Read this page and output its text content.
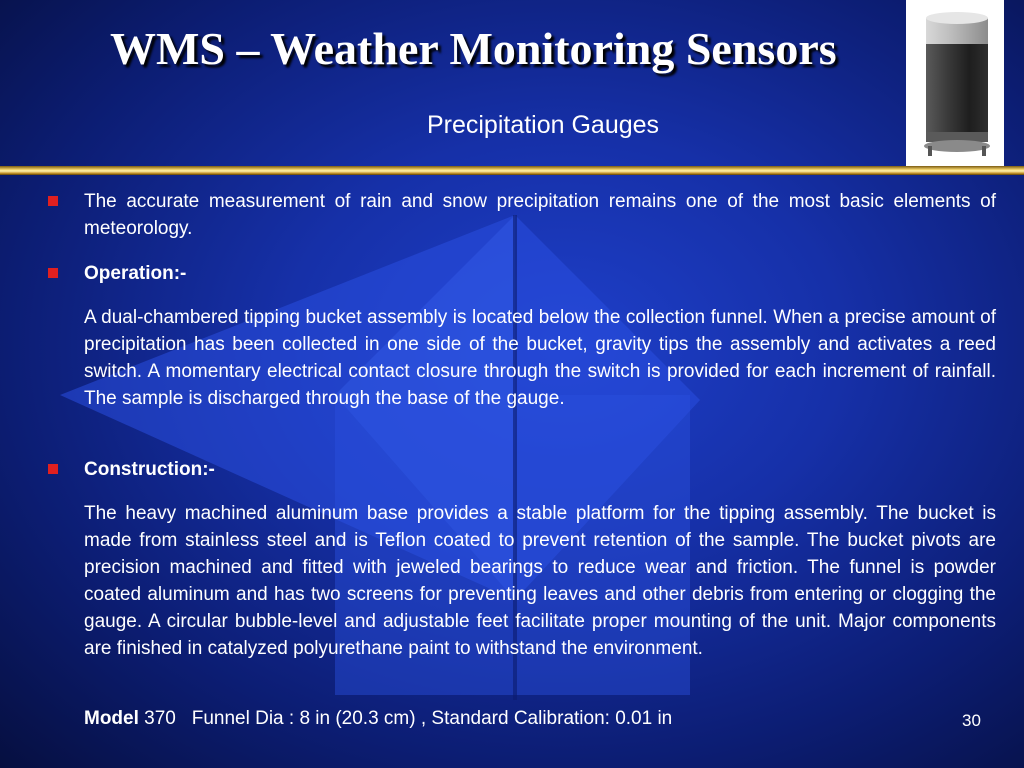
WMS – Weather Monitoring Sensors
Precipitation Gauges
The accurate measurement of rain and snow precipitation remains one of the most basic elements of meteorology.
Operation:-
A dual-chambered tipping bucket assembly is located below the collection funnel. When a precise amount of precipitation has been collected in one side of the bucket, gravity tips the assembly and activates a reed switch. A momentary electrical contact closure through the switch is provided for each increment of rainfall. The sample is discharged through the base of the gauge.
Construction:-
The heavy machined aluminum base provides a stable platform for the tipping assembly. The bucket is made from stainless steel and is Teflon coated to prevent retention of the sample. The bucket pivots are precision machined and fitted with jeweled bearings to reduce wear and friction. The funnel is powder coated aluminum and has two screens for preventing leaves and other debris from entering or clogging the gauge. A circular bubble-level and adjustable feet facilitate proper mounting of the unit. Major components are finished in catalyzed polyurethane paint to withstand the environment.
Model 370 Funnel Dia : 8 in (20.3 cm) , Standard Calibration: 0.01 in	30
